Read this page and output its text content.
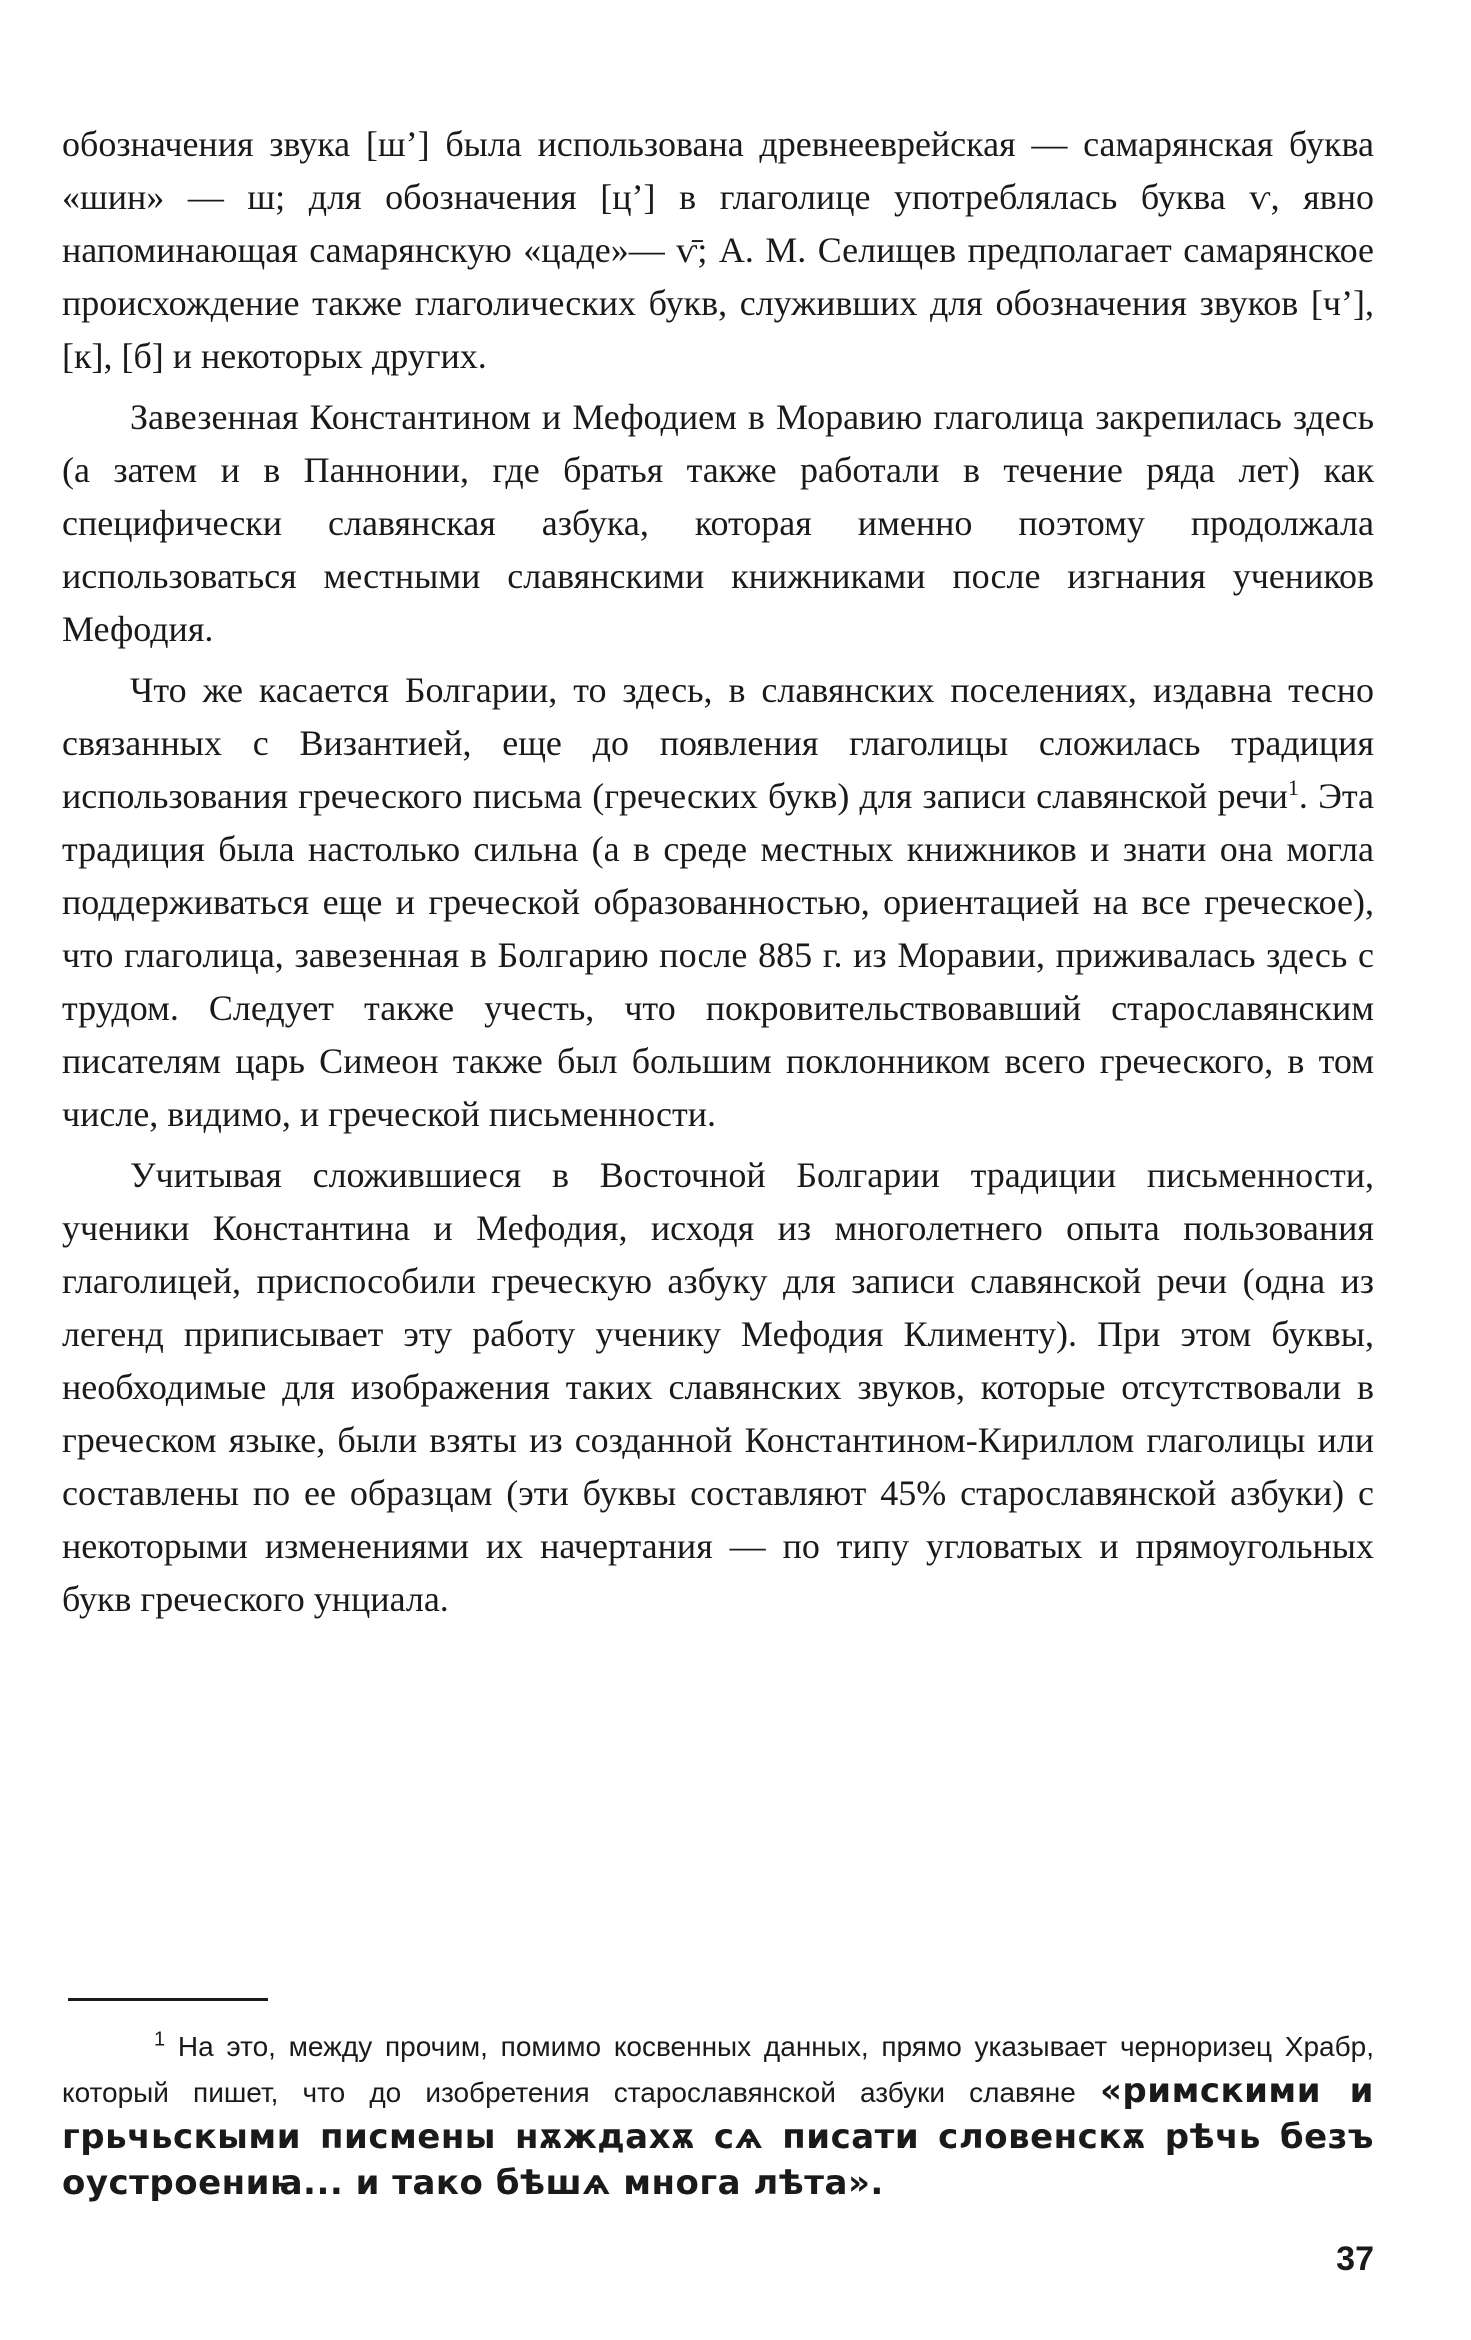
обозначения звука [ш’] была использована древнееврейская — самарянская буква «шин» — ш; для обозначения [ц’] в глаголице употреблялась буква ѵ, явно напоминающая самарянскую «цаде»— ѵ̄; А. М. Селищев предполагает самарянское происхождение также глаголических букв, служивших для обозначения звуков [ч’], [к], [б] и некоторых других.

Завезенная Константином и Мефодием в Моравию глаголица закрепилась здесь (а затем и в Паннонии, где братья также работали в течение ряда лет) как специфически славянская азбука, которая именно поэтому продолжала использоваться местными славянскими книжниками после изгнания учеников Мефодия.

Что же касается Болгарии, то здесь, в славянских поселениях, издавна тесно связанных с Византией, еще до появления глаголицы сложилась традиция использования греческого письма (греческих букв) для записи славянской речи$^1$. Эта традиция была настолько сильна (а в среде местных книжников и знати она могла поддерживаться еще и греческой образованностью, ориентацией на все греческое), что глаголица, завезенная в Болгарию после 885 г. из Моравии, приживалась здесь с трудом. Следует также учесть, что покровительствовавший старославянским писателям царь Симеон также был большим поклонником всего греческого, в том числе, видимо, и греческой письменности.

Учитывая сложившиеся в Восточной Болгарии традиции письменности, ученики Константина и Мефодия, исходя из многолетнего опыта пользования глаголицей, приспособили греческую азбуку для записи славянской речи (одна из легенд приписывает эту работу ученику Мефодия Клименту). При этом буквы, необходимые для изображения таких славянских звуков, которые отсутствовали в греческом языке, были взяты из созданной Константином-Кириллом глаголицы или составлены по ее образцам (эти буквы составляют 45% старославянской азбуки) с некоторыми изменениями их начертания — по типу угловатых и прямоугольных букв греческого унциала.

$^1$ На это, между прочим, помимо косвенных данных, прямо указывает черноризец Храбр, который пишет, что до изобретения старославянской азбуки славяне «римскими и грьчьскыми писмены нѫждахѫ сѧ писати словенскѫ рѣчь безъ оустроениꙗ... и тако бѣшѧ многа лѣта».
37
